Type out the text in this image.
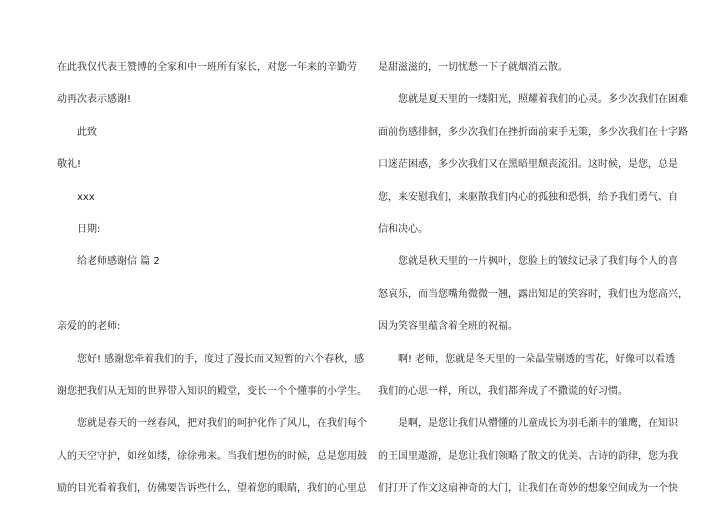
在此我仅代表王赞博的全家和中一班所有家长，对您一年来的辛勤劳
动再次表示感谢!
此致
敬礼!
xxx
日期:
给老师感谢信 篇 2
亲爱的的老师:
您好! 感谢您牵着我们的手，度过了漫长而又短暂的六个春秋，感
谢您把我们从无知的世界带入知识的殿堂，变长一个个懂事的小学生。
您就是春天的一丝春风，把对我们的呵护化作了风儿，在我们每个
人的天空守护，如丝如缕，徐徐弗来。当我们想伤的时候，总是您用鼓
励的目光看着我们，仿佛要告诉些什么，望着您的眼睛，我们的心里总
是甜滋滋的，一切忧愁一下子就烟消云散。
您就是夏天里的一缕阳光，照耀着我们的心灵。多少次我们在困难
面前伤感徘徊，多少次我们在挫折面前束手无策，多少次我们在十字路
口迷茫困惑，多少次我们又在黑暗里颓丧流泪。这时候，是您，总是
您，来安慰我们，来驱散我们内心的孤独和恐惧，给予我们勇气、自
信和决心。
您就是秋天里的一片枫叶，您脸上的皱纹记录了我们每个人的喜
怒哀乐，而当您嘴角微微一翘，露出知足的笑容时，我们也为您高兴，
因为笑容里蕴含着全班的祝福。
啊! 老师，您就是冬天里的一朵晶莹剔透的雪花，好像可以看透
我们的心思一样，所以，我们都奔成了不撒谎的好习惯。
是啊，是您让我们从懵懂的儿童成长为羽毛渐丰的雏鹰，在知识
的王国里遨游，是您让我们领略了散文的优美、古诗的韵律，您为我
们打开了作文这扇神奇的大门，让我们在奇妙的想象空间成为一个快
